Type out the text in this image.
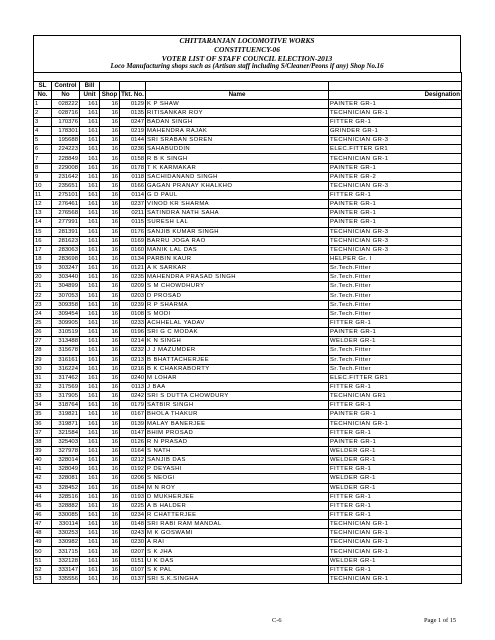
CHITTARANJAN LOCOMOTIVE WORKS
CONSTITUENCY-06
VOTER LIST OF STAFF COUNCIL ELECTION-2013
Loco Manufacturing shops such as (Artisan staff including S/Cleaner/Peons if any) Shop No.16

SL	Control	Bill				
No.	No	Unit	Shop	Tkt. No.	Name	Designation
1	028222	161	16	0129	K P SHAW	PAINTER GR-1
2	028716	161	16	0135	RITISANKAR ROY	TECHNICIAN GR-1
3	170376	161	16	0247	BADAN SINGH	FITTER GR-1
4	178301	161	16	0219	MAHENDRA RAJAK	GRINDER GR-1
5	195688	161	16	0144	SRI SRABAN SOREN	TECHNICIAN GR-3
6	224223	161	16	0236	SAHABUDDIN	ELEC.FITTER GR1
7	228849	161	16	0158	R B K SINGH	TECHNICIAN GR-1
8	229008	161	16	0178	T K KARMAKAR	PAINTER GR-1
9	231642	161	16	0118	SACHIDANAND SINGH	PAINTER GR-2
10	235651	161	16	0166	GAGAN PRANAY KHALKHO	TECHNICIAN GR-3
11	275101	161	16	0114	G D PAUL	FITTER GR-1
12	276461	161	16	0237	VINOD KR SHARMA	PAINTER GR-1
13	276568	161	16	0211	SATINDRA NATH SAHA	PAINTER GR-1
14	277991	161	16	0115	SURESH LAL	PAINTER GR-1
15	281391	161	16	0176	SANJIB KUMAR SINGH	TECHNICIAN GR-3
16	281623	161	16	0169	BARRU JOGA RAO	TECHNICIAN GR-3
17	283063	161	16	0160	MANIK LAL DAS	TECHNICIAN GR-3
18	283698	161	16	0134	PARBIN KAUR	HELPER Gr. I
19	303247	161	16	0121	A K SARKAR	Sr.Tech.Fitter
20	303440	161	16	0235	MAHENDRA PRASAD SINGH	Sr.Tech.Fitter
21	304899	161	16	0209	S M CHOWDHURY	Sr.Tech.Fitter
22	307053	161	16	0203	D PROSAD	Sr.Tech.Fitter
23	309358	161	16	0239	R P SHARMA	Sr.Tech.Fitter
24	309454	161	16	0108	S MODI	Sr.Tech.Fitter
25	309905	161	16	0233	ACHHELAL YADAV	FITTER GR-1
26	310519	161	16	0196	SRI G C MODAK	PAINTER GR-1
27	313488	161	16	0214	K N SINGH	WELDER GR-1
28	315678	161	16	0232	J J MAZUMDER	Sr.Tech.Fitter
29	316161	161	16	0213	B BHATTACHERJEE	Sr.Tech.Fitter
30	316224	161	16	0216	B K CHAKRABORTY	Sr.Tech.Fitter
31	317462	161	16	0240	M LOHAR	ELEC.FITTER GR1
32	317569	161	16	0113	J BAA	FITTER GR-1
33	317905	161	16	0242	SRI S DUTTA CHOWDURY	TECHNICIAN GR1
34	318764	161	16	0179	SATBIR SINGH	FITTER GR-1
35	319821	161	16	0167	BHOLA THAKUR	PAINTER GR-1
36	319871	161	16	0139	MALAY BANERJEE	TECHNICIAN GR-1
37	321584	161	16	0147	BHIM PROSAD	FITTER GR-1
38	325403	161	16	0126	R N PRASAD	PAINTER GR-1
39	327978	161	16	0164	S NATH	WELDER GR-1
40	328014	161	16	0212	SANJIB DAS	WELDER GR-1
41	328049	161	16	0192	P DEYASHI	FITTER GR-1
42	328081	161	16	0206	S NEOGI	WELDER GR-1
43	328452	161	16	0184	M N ROY	WELDER GR-1
44	328516	161	16	0193	D MUKHERJEE	FITTER GR-1
45	328882	161	16	0225	A B HALDER	FITTER GR-1
46	330085	161	16	0234	R CHATTERJEE	FITTER GR-1
47	330114	161	16	0148	SRI RABI RAM MANDAL	TECHNICIAN GR-1
48	330253	161	16	0243	M K GOSWAMI	TECHNICIAN GR-1
49	330982	161	16	0230	A RAI	TECHNICIAN GR-1
50	331715	161	16	0207	S K JHA	TECHNICIAN GR-1
51	332128	161	16	0151	U K DAS	WELDER GR-1
52	333147	161	16	0107	S K PAL	FITTER GR-1
53	335556	161	16	0137	SRI S.K.SINGHA	TECHNICIAN GR-1
C-6	Page 1 of 15
